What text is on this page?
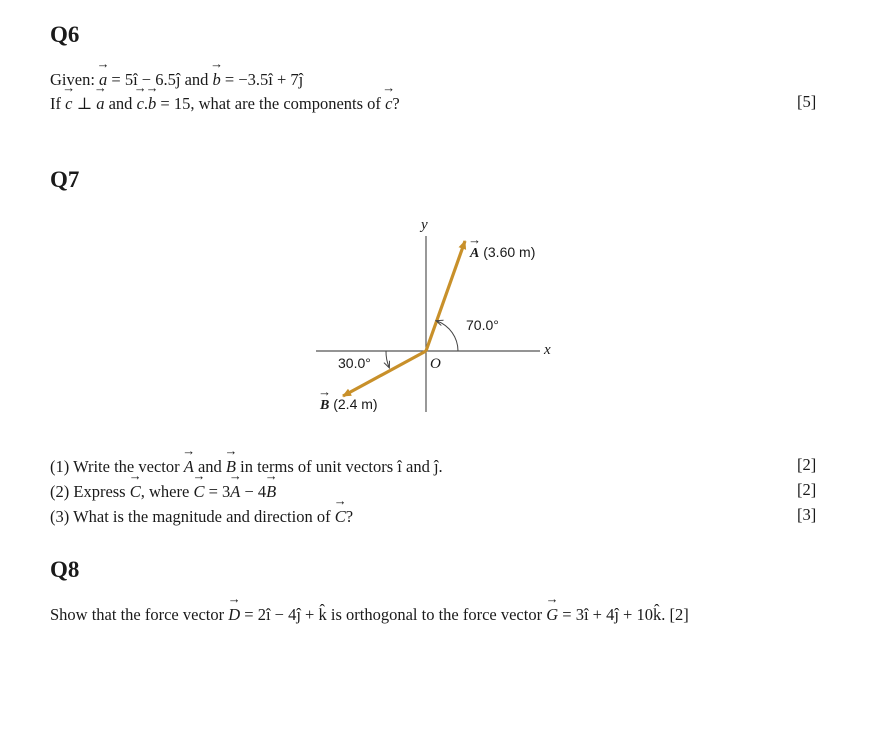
Q6
Given: → a = 5î − 6.5ĵ and → b = −3.5î + 7ĵ
If → c ⊥ → a and → c.→ b = 15, what are the components of → c?	[5]
Q7
y
x
O
→ A (3.60 m)
70.0°
30.0°
→ B (2.4 m)
(1) Write the vector → A and → B in terms of unit vectors î and ĵ.	[2]
(2) Express → C, where → C = 3→ A − 4→ B	[2]
(3) What is the magnitude and direction of → C?	[3]
Q8
Show that the force vector → D = 2î − 4ĵ + k̂ is orthogonal to the force vector → G = 3î + 4ĵ + 10k̂. [2]
